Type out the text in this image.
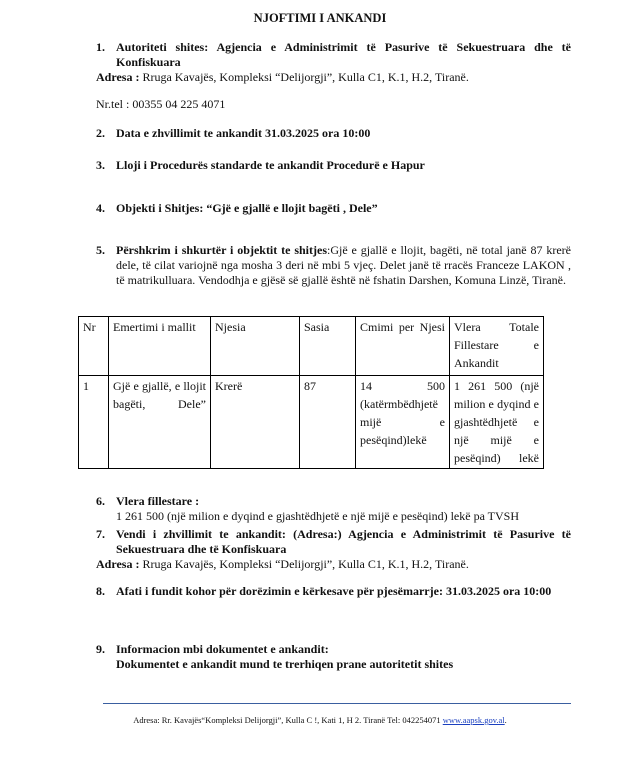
NJOFTIMI I ANKANDI
1. Autoriteti shites: Agjencia e Administrimit të Pasurive të Sekuestruara dhe të Konfiskuara
Adresa : Rruga Kavajës, Kompleksi “Delijorgji”, Kulla C1, K.1, H.2, Tiranë.
Nr.tel : 00355 04 225 4071
2. Data e zhvillimit te ankandit 31.03.2025 ora 10:00
3. Lloji i Procedurës standarde te ankandit Procedurë e Hapur
4. Objekti i Shitjes: “Gjë e gjallë e llojit bagëti , Dele”
5. Përshkrim i shkurtër i objektit te shitjes:Gjë e gjallë e llojit, bagëti, në total janë 87 krerë dele, të cilat variojnë nga mosha 3 deri në mbi 5 vjeç. Delet janë të rracës Franceze LAKON , të matrikulluara. Vendodhja e gjësë së gjallë është në fshatin Darshen, Komuna Linzë, Tiranë.
Nr	Emertimi i mallit	Njesia	Sasia	Cmimi per Njesi	Vlera Totale Fillestare e Ankandit
1	Gjë e gjallë, e llojit bagëti, Dele”	Krerë	87	14 500 (katërmbëdhjetë mijë e pesëqind)lekë	1 261 500 (një milion e dyqind e gjashtëdhjetë e një mijë e pesëqind) lekë
6. Vlera fillestare :
1 261 500 (një milion e dyqind e gjashtëdhjetë e një mijë e pesëqind) lekë pa TVSH
7. Vendi i zhvillimit te ankandit: (Adresa:) Agjencia e Administrimit të Pasurive të Sekuestruara dhe të Konfiskuara
Adresa : Rruga Kavajës, Kompleksi “Delijorgji”, Kulla C1, K.1, H.2, Tiranë.
8. Afati i fundit kohor për dorëzimin e kërkesave për pjesëmarrje: 31.03.2025 ora 10:00
9. Informacion mbi dokumentet e ankandit:
Dokumentet e ankandit mund te trerhiqen prane autoritetit shites
Adresa: Rr. Kavajës“Kompleksi Delijorgji”, Kulla C !, Kati 1, H 2. Tiranë Tel: 042254071 www.aapsk.gov.al.
